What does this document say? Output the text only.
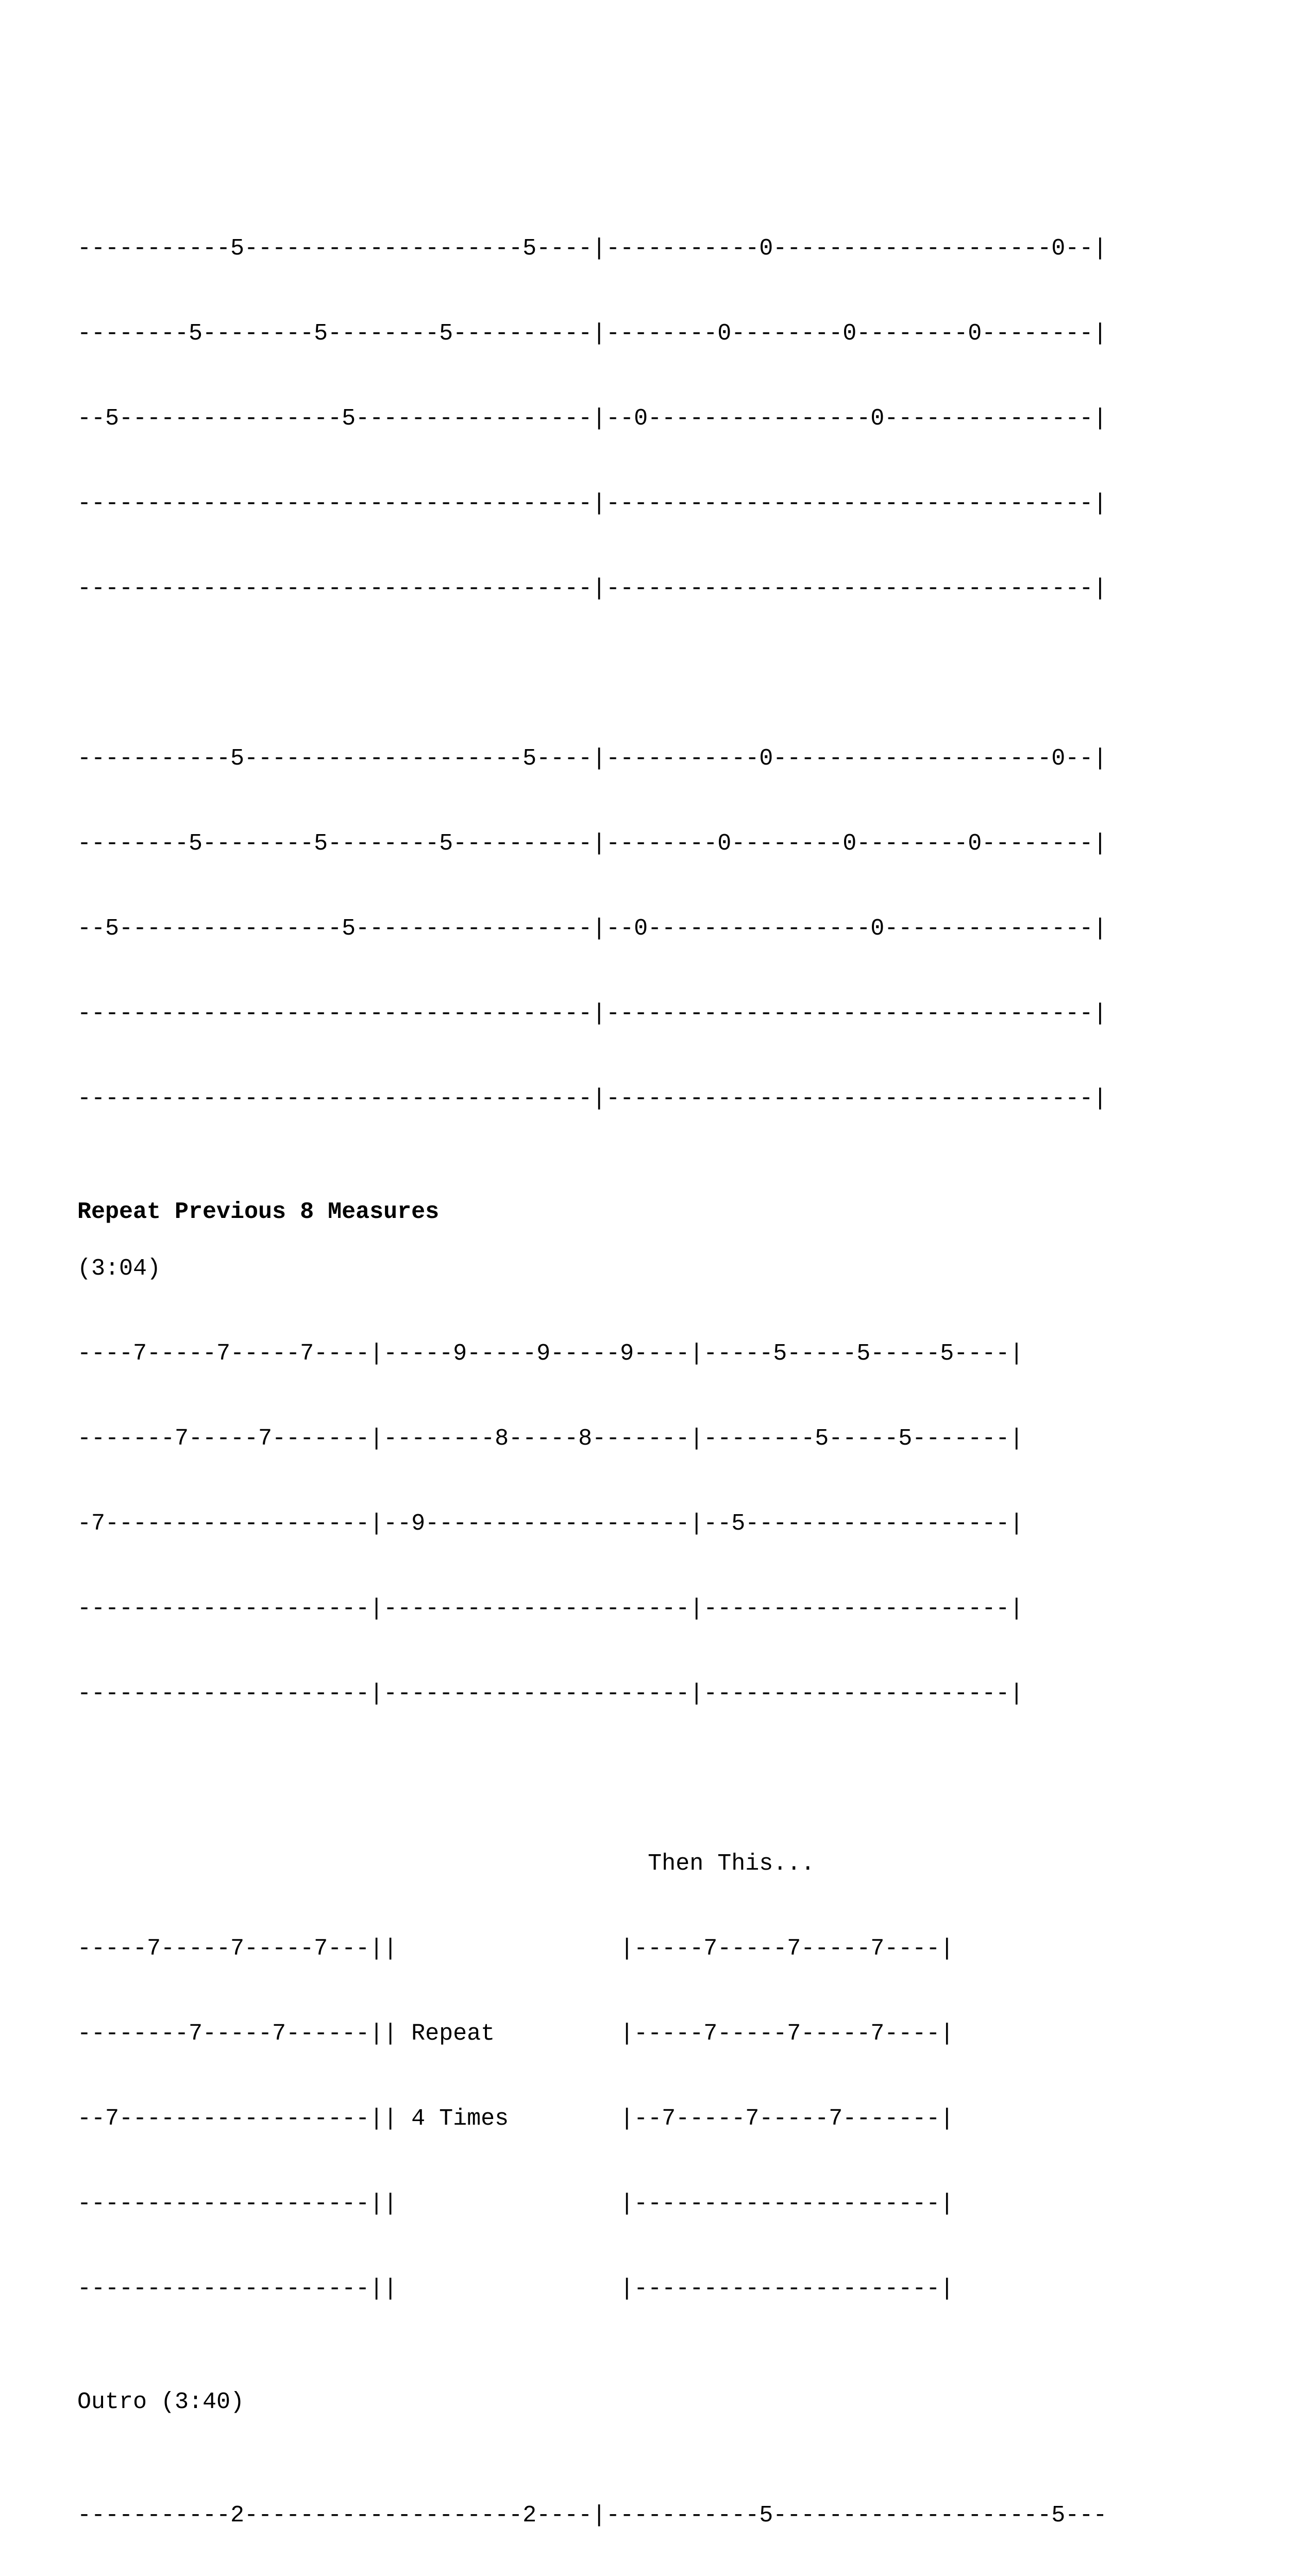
-----------5--------------------5----|-----------0--------------------0--|

--------5--------5--------5----------|--------0--------0--------0--------|

--5----------------5-----------------|--0----------------0---------------|

-------------------------------------|-----------------------------------|

-------------------------------------|-----------------------------------|

-----------5--------------------5----|-----------0--------------------0--|

--------5--------5--------5----------|--------0--------0--------0--------|

--5----------------5-----------------|--0----------------0---------------|

-------------------------------------|-----------------------------------|

-------------------------------------|-----------------------------------|

Repeat Previous 8 Measures
(3:04)

----7-----7-----7----|-----9-----9-----9----|-----5-----5-----5----|

-------7-----7-------|--------8-----8-------|--------5-----5-------|

-7-------------------|--9-------------------|--5-------------------|

---------------------|----------------------|----------------------|

---------------------|----------------------|----------------------|

Then This...

-----7-----7-----7---||                |-----7-----7-----7----|

--------7-----7------|| Repeat         |-----7-----7-----7----|

--7------------------|| 4 Times        |--7-----7-----7-------|

---------------------||                |----------------------|

---------------------||                |----------------------|

Outro (3:40)

-----------2--------------------2----|-----------5--------------------5---
